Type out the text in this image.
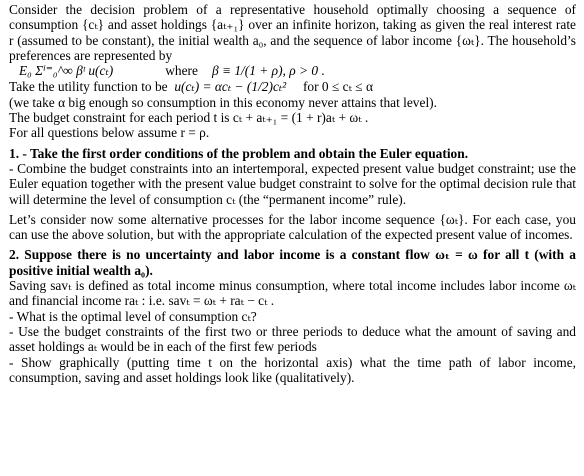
Consider the decision problem of a representative household optimally choosing a sequence of consumption {cₜ} and asset holdings {aₜ₊₁} over an infinite horizon, taking as given the real interest rate r (assumed to be constant), the initial wealth a₀, and the sequence of labor income {ωₜ}. The household’s preferences are represented by

E₀ Σⁱ⁼₀^∞ βᵗ u(cₜ)	where β ≡ 1/(1 + ρ), ρ > 0 .

Take the utility function to be u(cₜ) = αcₜ − (1/2)cₜ² for 0 ≤ cₜ ≤ α

(we take α big enough so consumption in this economy never attains that level).

The budget constraint for each period t is cₜ + aₜ₊₁ = (1 + r)aₜ + ωₜ .

For all questions below assume r = ρ.

1. - Take the first order conditions of the problem and obtain the Euler equation.

- Combine the budget constraints into an intertemporal, expected present value budget constraint; use the Euler equation together with the present value budget constraint to solve for the optimal decision rule that will determine the level of consumption cₜ (the “permanent income” rule).

Let’s consider now some alternative processes for the labor income sequence {ωₜ}. For each case, you can use the above solution, but with the appropriate calculation of the expected present value of incomes.

2. Suppose there is no uncertainty and labor income is a constant flow ωₜ = ω for all t (with a positive initial wealth a₀).

Saving savₜ is defined as total income minus consumption, where total income includes labor income ωₜ and financial income raₜ : i.e. savₜ = ωₜ + raₜ − cₜ .

- What is the optimal level of consumption cₜ?

- Use the budget constraints of the first two or three periods to deduce what the amount of saving and asset holdings aₜ would be in each of the first few periods

- Show graphically (putting time t on the horizontal axis) what the time path of labor income, consumption, saving and asset holdings look like (qualitatively).
